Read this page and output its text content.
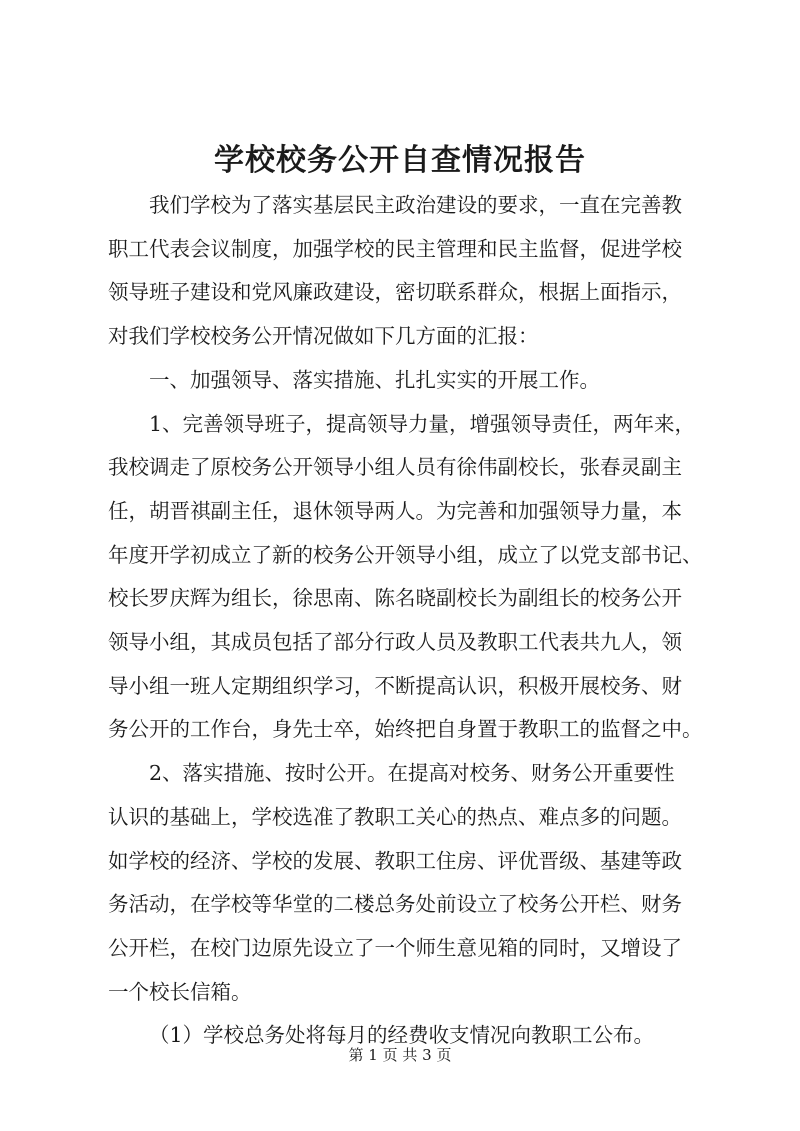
学校校务公开自查情况报告

我们学校为了落实基层民主政治建设的要求，一直在完善教
职工代表会议制度，加强学校的民主管理和民主监督，促进学校
领导班子建设和党风廉政建设，密切联系群众，根据上面指示，
对我们学校校务公开情况做如下几方面的汇报：

一、加强领导、落实措施、扎扎实实的开展工作。

1、完善领导班子，提高领导力量，增强领导责任，两年来，
我校调走了原校务公开领导小组人员有徐伟副校长，张春灵副主
任，胡晋祺副主任，退休领导两人。为完善和加强领导力量，本
年度开学初成立了新的校务公开领导小组，成立了以党支部书记、
校长罗庆辉为组长，徐思南、陈名晓副校长为副组长的校务公开
领导小组，其成员包括了部分行政人员及教职工代表共九人，领
导小组一班人定期组织学习，不断提高认识，积极开展校务、财
务公开的工作台，身先士卒，始终把自身置于教职工的监督之中。

2、落实措施、按时公开。在提高对校务、财务公开重要性
认识的基础上，学校选准了教职工关心的热点、难点多的问题。
如学校的经济、学校的发展、教职工住房、评优晋级、基建等政
务活动，在学校等华堂的二楼总务处前设立了校务公开栏、财务
公开栏，在校门边原先设立了一个师生意见箱的同时，又增设了
一个校长信箱。

（1）学校总务处将每月的经费收支情况向教职工公布。

第 1 页 共 3 页
